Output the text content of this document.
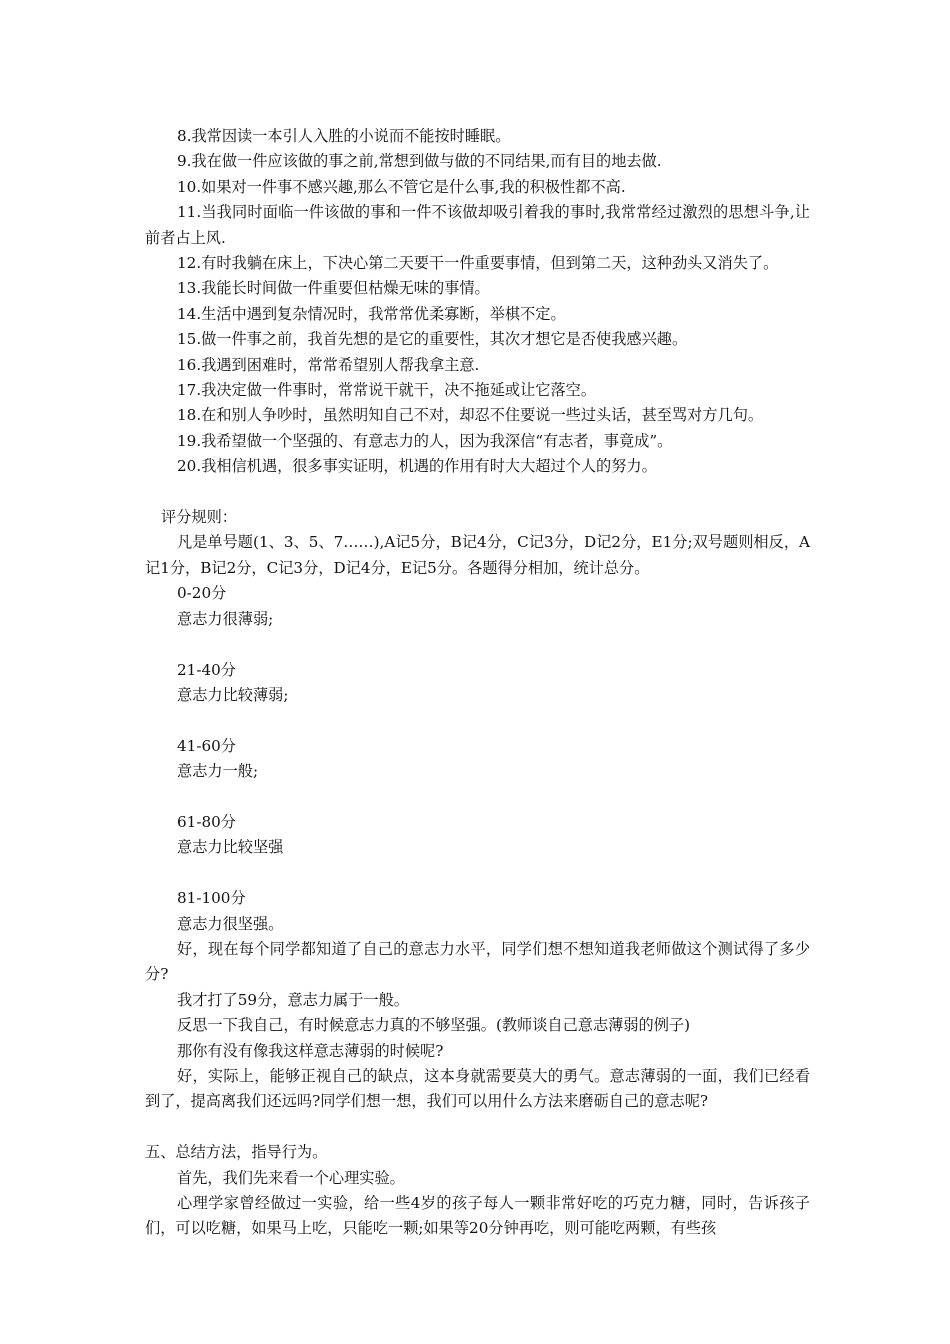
8.我常因读一本引人入胜的小说而不能按时睡眠。

9.我在做一件应该做的事之前,常想到做与做的不同结果,而有目的地去做.

10.如果对一件事不感兴趣,那么不管它是什么事,我的积极性都不高.

11.当我同时面临一件该做的事和一件不该做却吸引着我的事时,我常常经过激烈的思想斗争,让前者占上风.

12.有时我躺在床上，下决心第二天要干一件重要事情，但到第二天，这种劲头又消失了。

13.我能长时间做一件重要但枯燥无味的事情。

14.生活中遇到复杂情况时，我常常优柔寡断，举棋不定。

15.做一件事之前，我首先想的是它的重要性，其次才想它是否使我感兴趣。

16.我遇到困难时，常常希望别人帮我拿主意.

17.我决定做一件事时，常常说干就干，决不拖延或让它落空。

18.在和别人争吵时，虽然明知自己不对，却忍不住要说一些过头话，甚至骂对方几句。

19.我希望做一个坚强的、有意志力的人，因为我深信“有志者，事竟成”。

20.我相信机遇，很多事实证明，机遇的作用有时大大超过个人的努力。

评分规则：

凡是单号题(1、3、5、7……),A记5分，B记4分，C记3分，D记2分，E1分;双号题则相反，A记1分，B记2分，C记3分，D记4分，E记5分。各题得分相加，统计总分。

0-20分

意志力很薄弱;

21-40分

意志力比较薄弱;

41-60分

意志力一般;

61-80分

意志力比较坚强

81-100分

意志力很坚强。

好，现在每个同学都知道了自己的意志力水平，同学们想不想知道我老师做这个测试得了多少分?

我才打了59分，意志力属于一般。

反思一下我自己，有时候意志力真的不够坚强。(教师谈自己意志薄弱的例子)

那你有没有像我这样意志薄弱的时候呢?

好，实际上，能够正视自己的缺点，这本身就需要莫大的勇气。意志薄弱的一面，我们已经看到了，提高离我们还远吗?同学们想一想，我们可以用什么方法来磨砺自己的意志呢?

五、总结方法，指导行为。

首先，我们先来看一个心理实验。

心理学家曾经做过一实验，给一些4岁的孩子每人一颗非常好吃的巧克力糖，同时，告诉孩子们，可以吃糖，如果马上吃，只能吃一颗;如果等20分钟再吃，则可能吃两颗，有些孩
